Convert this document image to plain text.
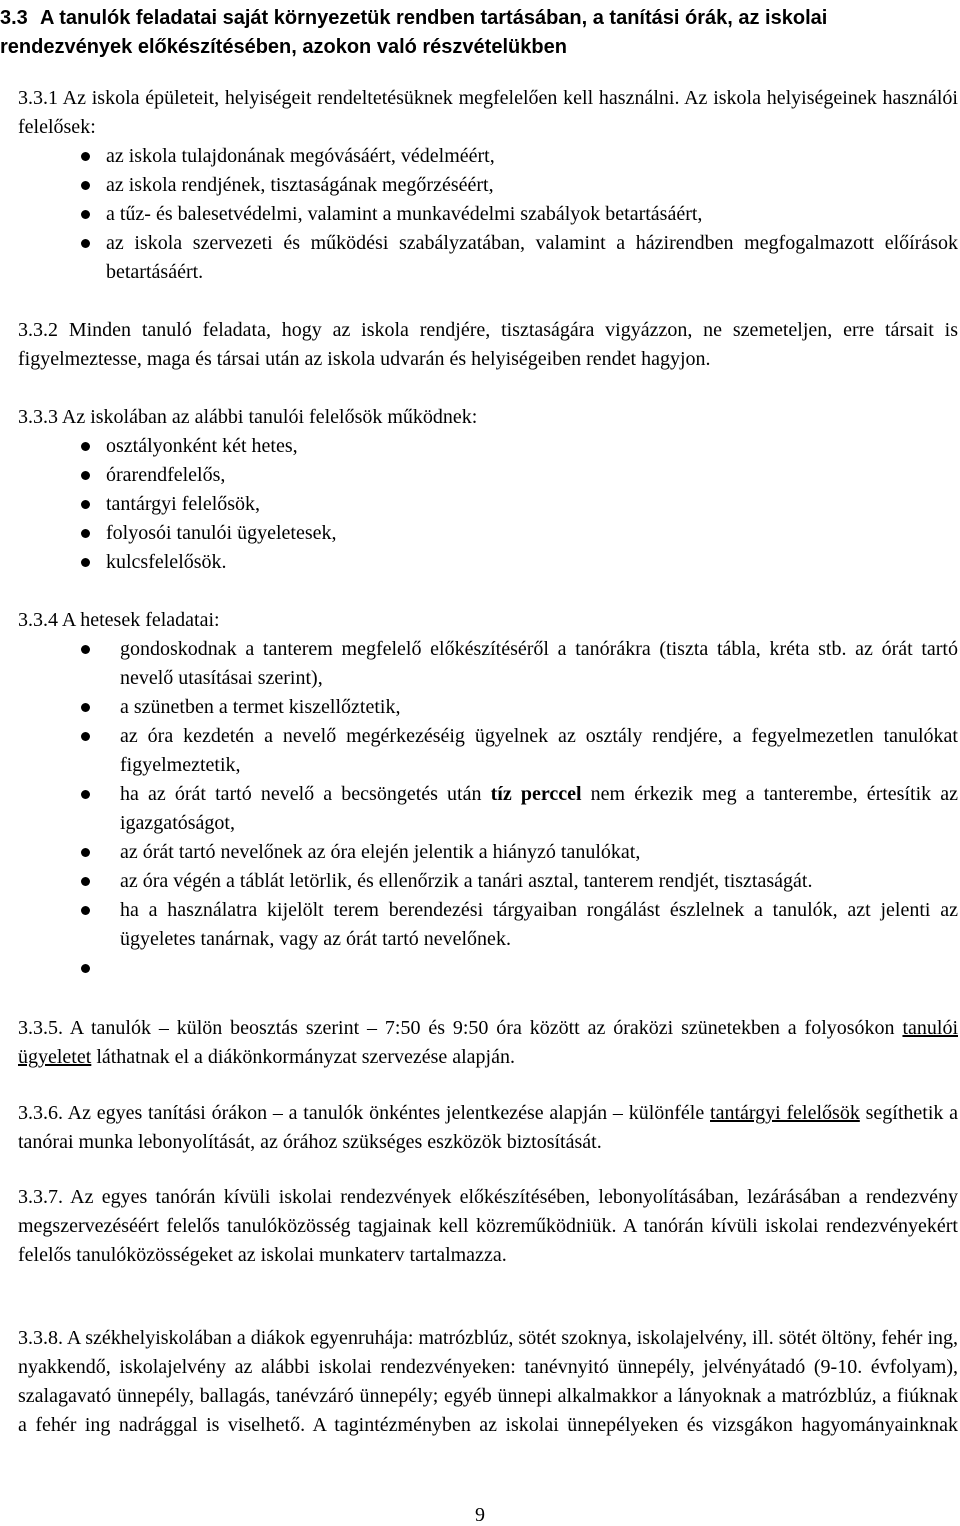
3.3 A tanulók feladatai saját környezetük rendben tartásában, a tanítási órák, az iskolai rendezvények előkészítésében, azokon való részvételükben
3.3.1 Az iskola épületeit, helyiségeit rendeltetésüknek megfelelően kell használni. Az iskola helyiségeinek használói felelősek:
az iskola tulajdonának megóvásáért, védelméért,
az iskola rendjének, tisztaságának megőrzéséért,
a tűz- és balesetvédelmi, valamint a munkavédelmi szabályok betartásáért,
az iskola szervezeti és működési szabályzatában, valamint a házirendben megfogalmazott előírások betartásáért.
3.3.2 Minden tanuló feladata, hogy az iskola rendjére, tisztaságára vigyázzon, ne szemeteljen, erre társait is figyelmeztesse, maga és társai után az iskola udvarán és helyiségeiben rendet hagyjon.
3.3.3 Az iskolában az alábbi tanulói felelősök működnek:
osztályonként két hetes,
órarendfelelős,
tantárgyi felelősök,
folyosói tanulói ügyeletesek,
kulcsfelelősök.
3.3.4 A hetesek feladatai:
gondoskodnak a tanterem megfelelő előkészítéséről a tanórákra (tiszta tábla, kréta stb. az órát tartó nevelő utasításai szerint),
a szünetben a termet kiszellőztetik,
az óra kezdetén a nevelő megérkezéséig ügyelnek az osztály rendjére, a fegyelmezetlen tanulókat figyelmeztetik,
ha az órát tartó nevelő a becsöngetés után tíz perccel nem érkezik meg a tanterembe, értesítik az igazgatóságot,
az órát tartó nevelőnek az óra elején jelentik a hiányzó tanulókat,
az óra végén a táblát letörlik, és ellenőrzik a tanári asztal, tanterem rendjét, tisztaságát.
ha a használatra kijelölt terem berendezési tárgyaiban rongálást észlelnek a tanulók, azt jelenti az ügyeletes tanárnak, vagy az órát tartó nevelőnek.

3.3.5. A tanulók – külön beosztás szerint – 7:50 és 9:50 óra között az óraközi szünetekben a folyosókon tanulói ügyeletet láthatnak el a diákönkormányzat szervezése alapján.
3.3.6. Az egyes tanítási órákon – a tanulók önkéntes jelentkezése alapján – különféle tantárgyi felelősök segíthetik a tanórai munka lebonyolítását, az órához szükséges eszközök biztosítását.
3.3.7. Az egyes tanórán kívüli iskolai rendezvények előkészítésében, lebonyolításában, lezárásában a rendezvény megszervezéséért felelős tanulóközösség tagjainak kell közreműködniük. A tanórán kívüli iskolai rendezvényekért felelős tanulóközösségeket az iskolai munkaterv tartalmazza.
3.3.8. A székhelyiskolában a diákok egyenruhája: matrózblúz, sötét szoknya, iskolajelvény, ill. sötét öltöny, fehér ing, nyakkendő, iskolajelvény az alábbi iskolai rendezvényeken: tanévnyitó ünnepély, jelvényátadó (9-10. évfolyam), szalagavató ünnepély, ballagás, tanévzáró ünnepély; egyéb ünnepi alkalmakkor a lányoknak a matrózblúz, a fiúknak a fehér ing nadrággal is viselhető. A tagintézményben az iskolai ünnepélyeken és vizsgákon hagyományainknak
9
